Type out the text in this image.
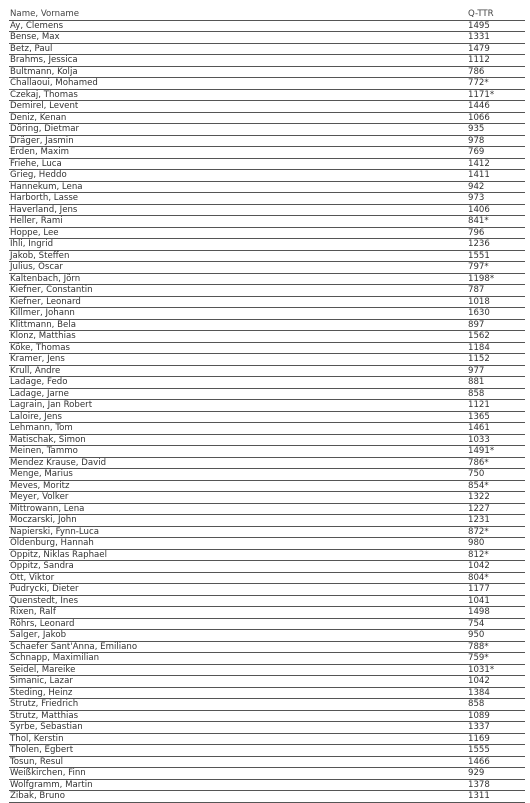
Name, Vorname	Q-TTR
Ay, Clemens	1495
Bense, Max	1331
Betz, Paul	1479
Brahms, Jessica	1112
Bultmann, Kolja	786
Challaoui, Mohamed	772*
Czekaj, Thomas	1171*
Demirel, Levent	1446
Deniz, Kenan	1066
Döring, Dietmar	935
Dräger, Jasmin	978
Erden, Maxim	769
Friehe, Luca	1412
Grieg, Heddo	1411
Hannekum, Lena	942
Harborth, Lasse	973
Haverland, Jens	1406
Heller, Rami	841*
Hoppe, Lee	796
Ihli, Ingrid	1236
Jakob, Steffen	1551
Julius, Oscar	797*
Kaltenbach, Jörn	1198*
Kiefner, Constantin	787
Kiefner, Leonard	1018
Killmer, Johann	1630
Klittmann, Bela	897
Klonz, Matthias	1562
Köke, Thomas	1184
Kramer, Jens	1152
Krull, Andre	977
Ladage, Fedo	881
Ladage, Jarne	858
Lagrain, Jan Robert	1121
Laloire, Jens	1365
Lehmann, Tom	1461
Matischak, Simon	1033
Meinen, Tammo	1491*
Mendez Krause, David	786*
Menge, Marius	750
Meves, Moritz	854*
Meyer, Volker	1322
Mittrowann, Lena	1227
Moczarski, John	1231
Napierski, Fynn-Luca	872*
Oldenburg, Hannah	980
Oppitz, Niklas Raphael	812*
Oppitz, Sandra	1042
Ott, Viktor	804*
Pudrycki, Dieter	1177
Quenstedt, Ines	1041
Rixen, Ralf	1498
Röhrs, Leonard	754
Salger, Jakob	950
Schaefer Sant'Anna, Emiliano	788*
Schnapp, Maximilian	759*
Seidel, Mareike	1031*
Simanic, Lazar	1042
Steding, Heinz	1384
Strutz, Friedrich	858
Strutz, Matthias	1089
Syrbe, Sebastian	1337
Thol, Kerstin	1169
Tholen, Egbert	1555
Tosun, Resul	1466
Weißkirchen, Finn	929
Wolfgramm, Martin	1378
Zibak, Bruno	1311
